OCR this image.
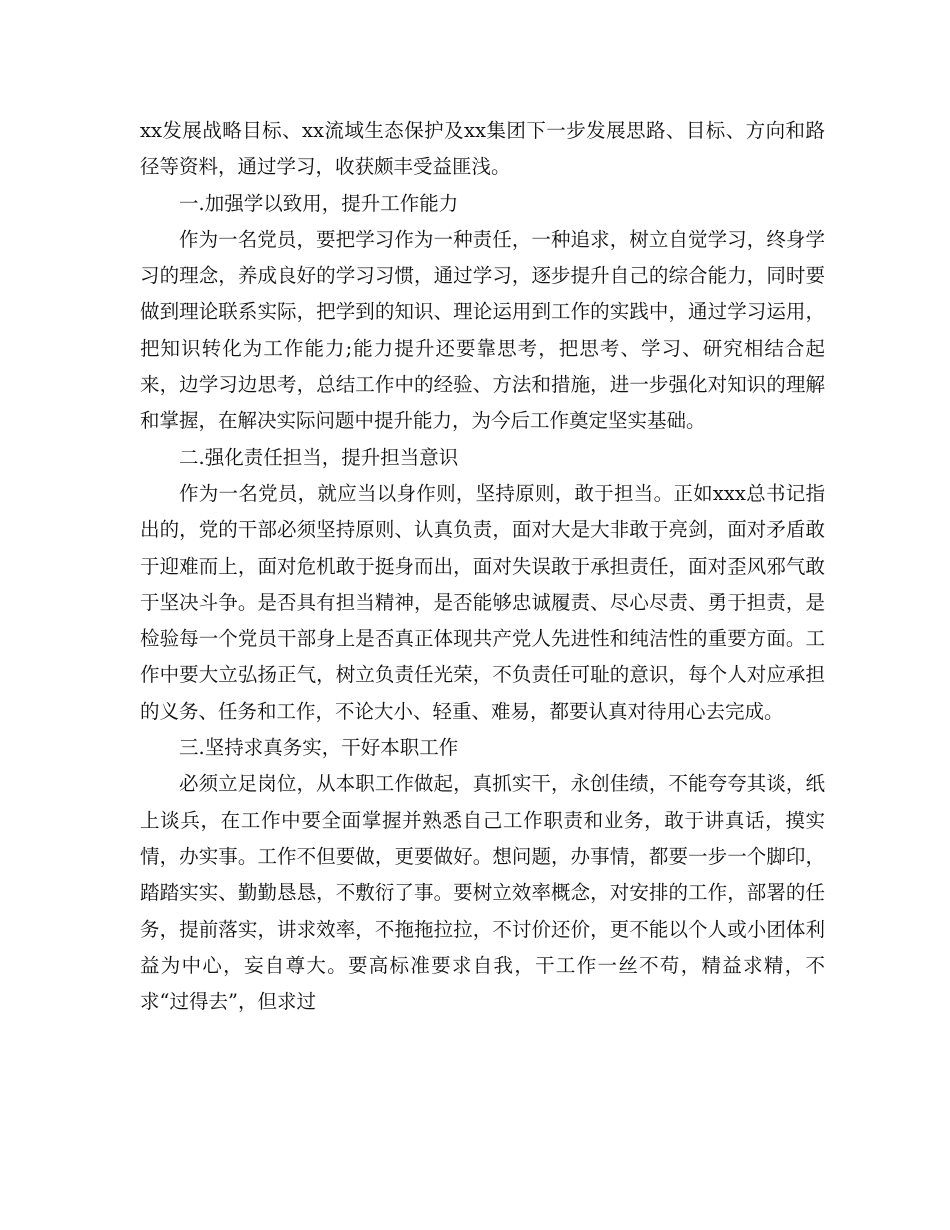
xx发展战略目标、xx流域生态保护及xx集团下一步发展思路、目标、方向和路径等资料，通过学习，收获颇丰受益匪浅。

一.加强学以致用，提升工作能力

作为一名党员，要把学习作为一种责任，一种追求，树立自觉学习，终身学习的理念，养成良好的学习习惯，通过学习，逐步提升自己的综合能力，同时要做到理论联系实际，把学到的知识、理论运用到工作的实践中，通过学习运用，把知识转化为工作能力;能力提升还要靠思考，把思考、学习、研究相结合起来，边学习边思考，总结工作中的经验、方法和措施，进一步强化对知识的理解和掌握，在解决实际问题中提升能力，为今后工作奠定坚实基础。

二.强化责任担当，提升担当意识

作为一名党员，就应当以身作则，坚持原则，敢于担当。正如xxx总书记指出的，党的干部必须坚持原则、认真负责，面对大是大非敢于亮剑，面对矛盾敢于迎难而上，面对危机敢于挺身而出，面对失误敢于承担责任，面对歪风邪气敢于坚决斗争。是否具有担当精神，是否能够忠诚履责、尽心尽责、勇于担责，是检验每一个党员干部身上是否真正体现共产党人先进性和纯洁性的重要方面。工作中要大立弘扬正气，树立负责任光荣，不负责任可耻的意识，每个人对应承担的义务、任务和工作，不论大小、轻重、难易，都要认真对待用心去完成。

三.坚持求真务实，干好本职工作

必须立足岗位，从本职工作做起，真抓实干，永创佳绩，不能夸夸其谈，纸上谈兵，在工作中要全面掌握并熟悉自己工作职责和业务，敢于讲真话，摸实情，办实事。工作不但要做，更要做好。想问题，办事情，都要一步一个脚印，踏踏实实、勤勤恳恳，不敷衍了事。要树立效率概念，对安排的工作，部署的任务，提前落实，讲求效率，不拖拖拉拉，不讨价还价，更不能以个人或小团体利益为中心，妄自尊大。要高标准要求自我，干工作一丝不苟，精益求精，不求“过得去”，但求过
